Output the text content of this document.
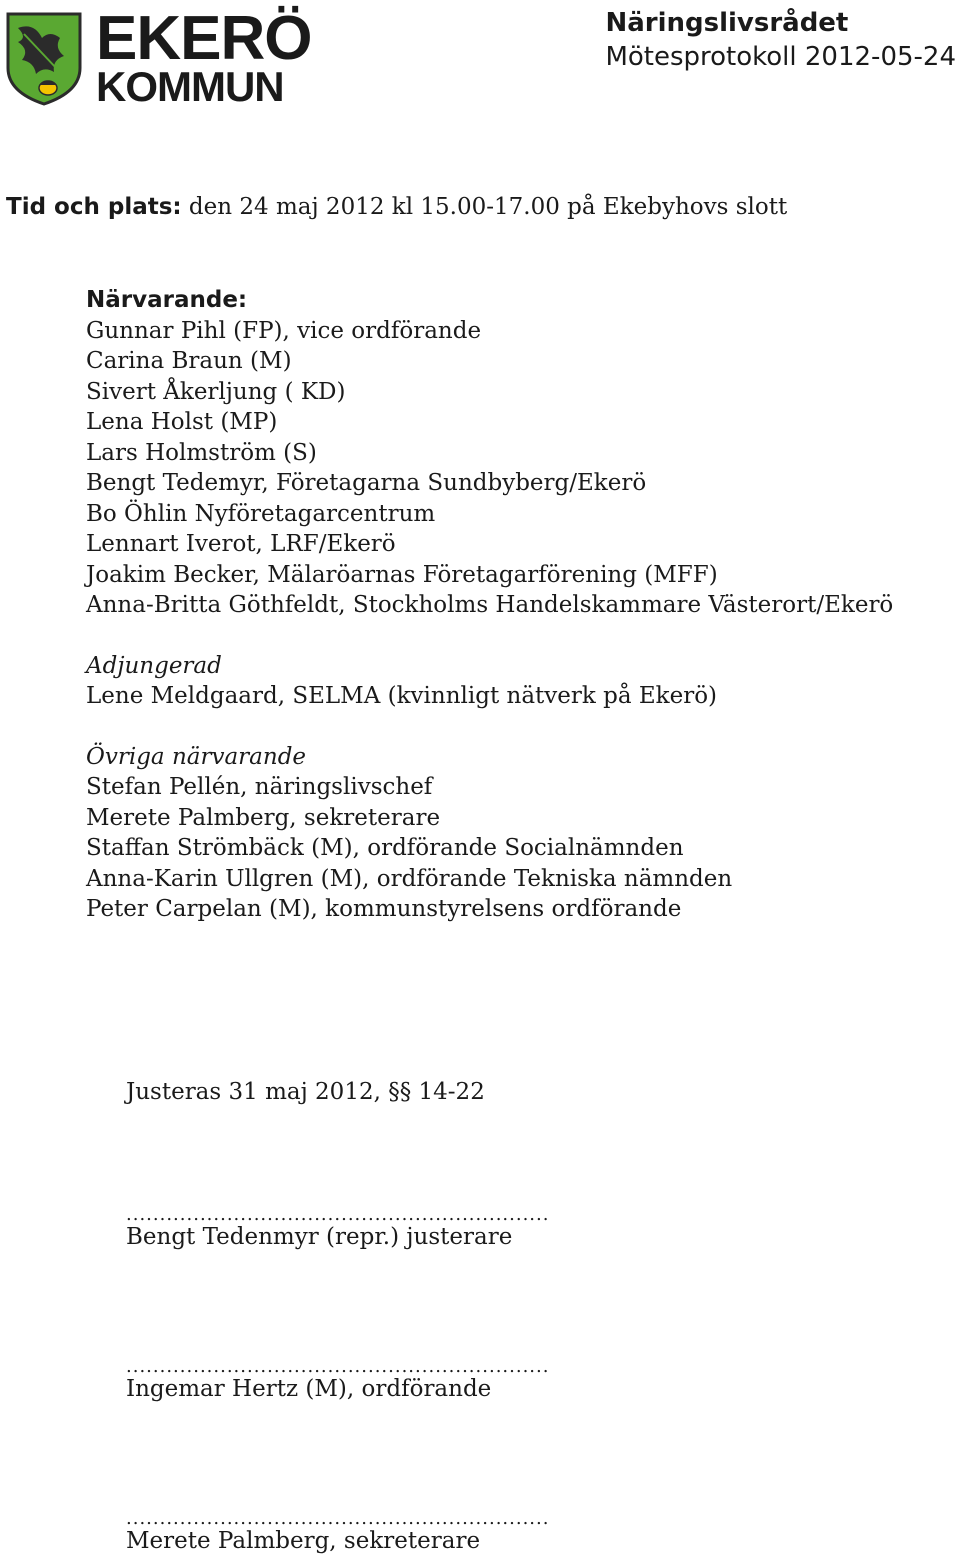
EKERÖ
KOMMUN
Näringslivsrådet
Mötesprotokoll 2012-05-24
Tid och plats: den 24 maj 2012 kl 15.00-17.00 på Ekebyhovs slott
Närvarande:
Gunnar Pihl (FP), vice ordförande
Carina Braun (M)
Sivert Åkerljung ( KD)
Lena Holst (MP)
Lars Holmström (S)
Bengt Tedemyr, Företagarna Sundbyberg/Ekerö
Bo Öhlin Nyföretagarcentrum
Lennart Iverot, LRF/Ekerö
Joakim Becker, Mälaröarnas Företagarförening (MFF)
Anna-Britta Göthfeldt, Stockholms Handelskammare Västerort/Ekerö
Adjungerad
Lene Meldgaard, SELMA (kvinnligt nätverk på Ekerö)
Övriga närvarande
Stefan Pellén, näringslivschef
Merete Palmberg, sekreterare
Staffan Strömbäck (M), ordförande Socialnämnden
Anna-Karin Ullgren (M), ordförande Tekniska nämnden
Peter Carpelan (M), kommunstyrelsens ordförande
Justeras 31 maj 2012, §§ 14-22
...............................................................
Bengt Tedenmyr (repr.) justerare
...............................................................
Ingemar Hertz (M), ordförande
...............................................................
Merete Palmberg, sekreterare
